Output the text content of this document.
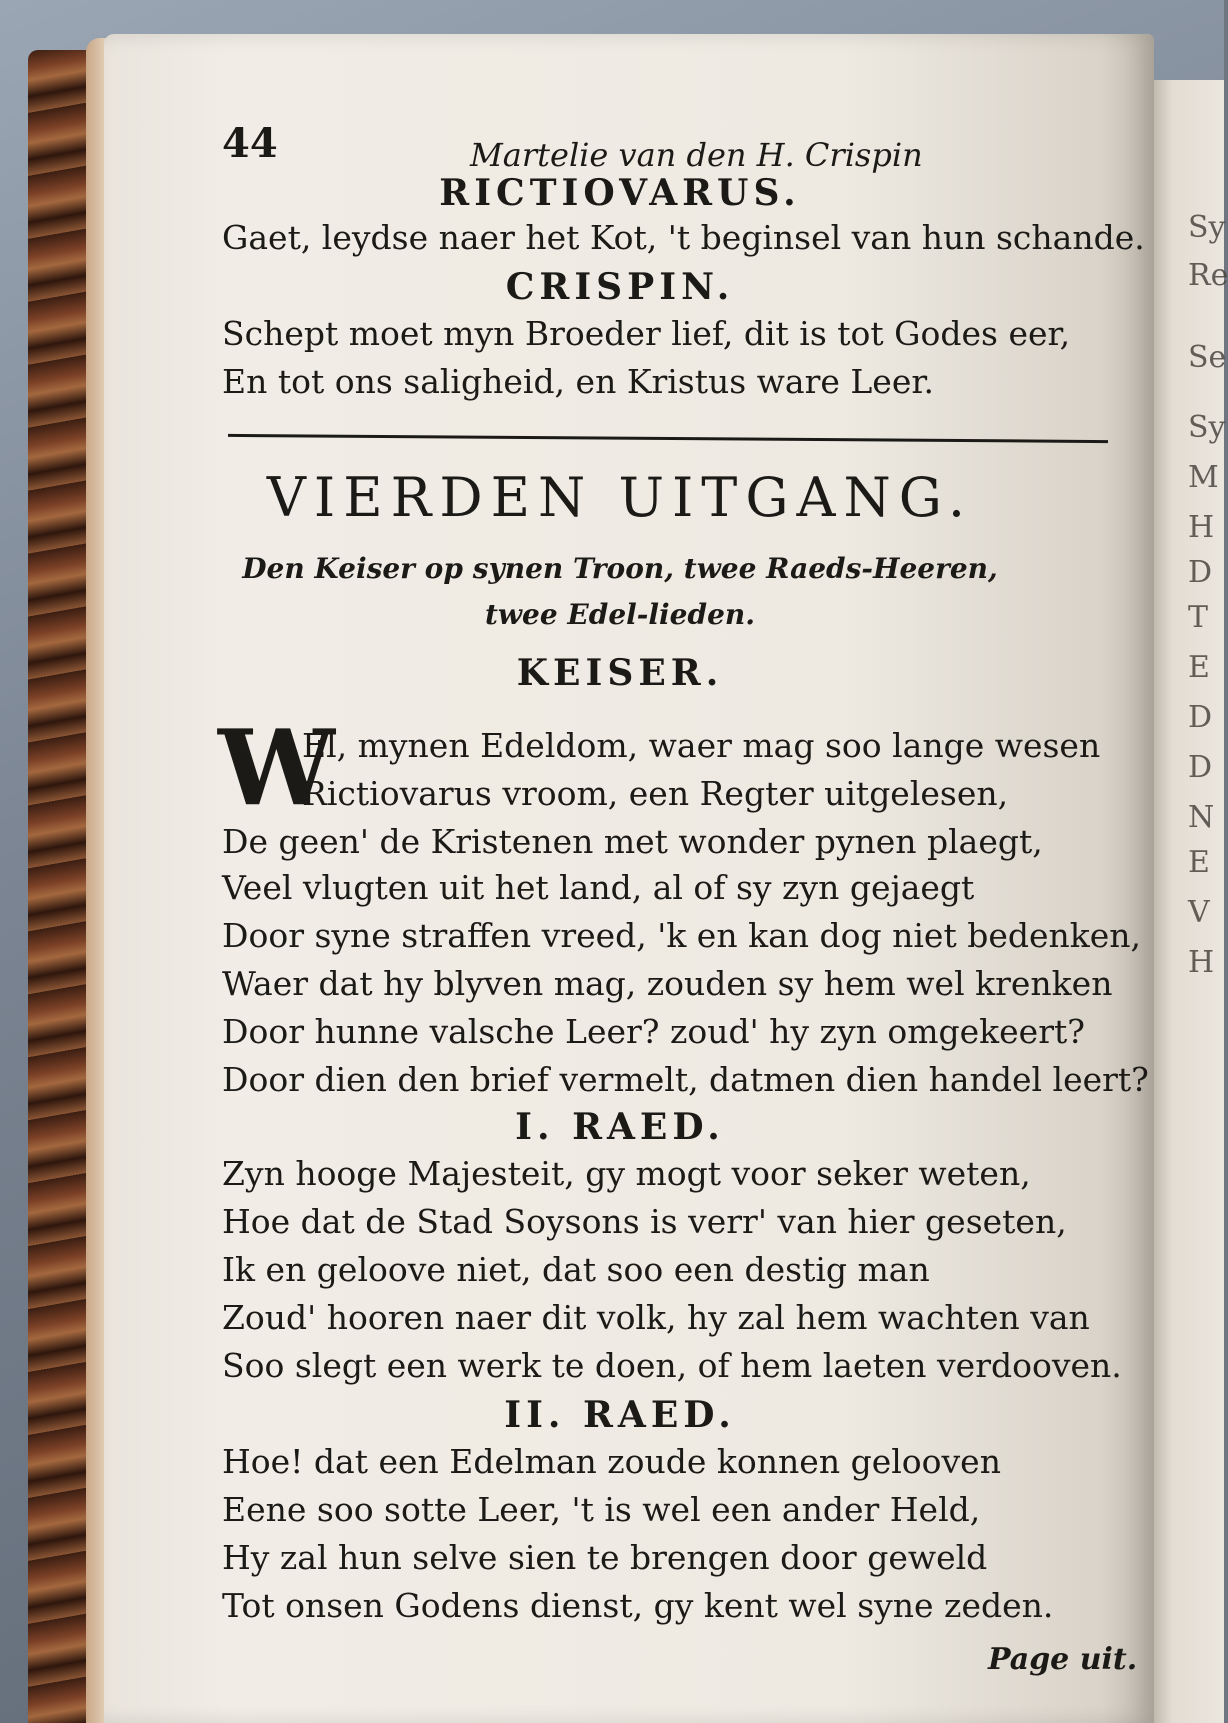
Sy
Re
Se
Sy
M
H
D
T
E
D
D
N
E
V
H
44	Martelie van den H. Crispin
RICTIOVARUS.
Gaet, leydse naer het Kot, 't beginsel van hun schande.
CRISPIN.
Schept moet myn Broeder lief, dit is tot Godes eer,
En tot ons saligheid, en Kristus ware Leer.
VIERDEN UITGANG.
Den Keiser op synen Troon, twee Raeds-Heeren,
twee Edel-lieden.
KEISER.
W
El, mynen Edeldom, waer mag soo lange wesen
Rictiovarus vroom, een Regter uitgelesen,
De geen' de Kristenen met wonder pynen plaegt,
Veel vlugten uit het land, al of sy zyn gejaegt
Door syne straffen vreed, 'k en kan dog niet bedenken,
Waer dat hy blyven mag, zouden sy hem wel krenken
Door hunne valsche Leer? zoud' hy zyn omgekeert?
Door dien den brief vermelt, datmen dien handel leert?
I. RAED.
Zyn hooge Majesteit, gy mogt voor seker weten,
Hoe dat de Stad Soysons is verr' van hier geseten,
Ik en geloove niet, dat soo een destig man
Zoud' hooren naer dit volk, hy zal hem wachten van
Soo slegt een werk te doen, of hem laeten verdooven.
II. RAED.
Hoe! dat een Edelman zoude konnen gelooven
Eene soo sotte Leer, 't is wel een ander Held,
Hy zal hun selve sien te brengen door geweld
Tot onsen Godens dienst, gy kent wel syne zeden.
Page uit.
